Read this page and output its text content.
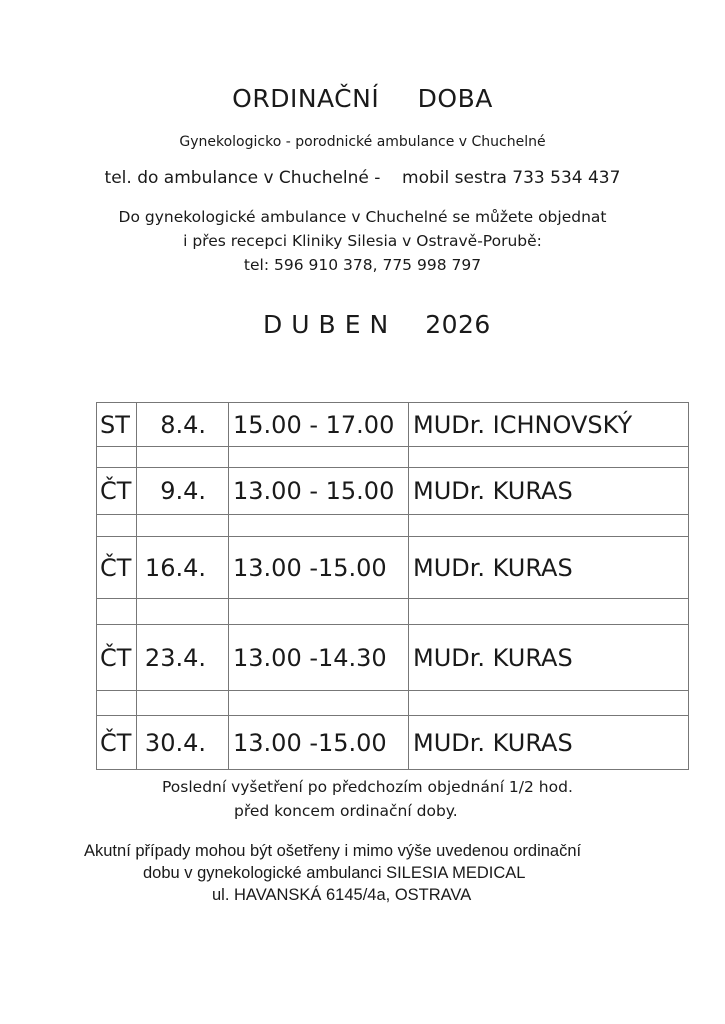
ORDINAČNÍ DOBA
Gynekologicko - porodnické ambulance v Chuchelné
tel. do ambulance v Chuchelné -    mobil sestra 733 534 437
Do gynekologické ambulance v Chuchelné se můžete objednat
i přes recepci Kliniky Silesia v Ostravě-Porubě:
tel: 596 910 378, 775 998 797
DUBEN 2026
ST	8.4.	15.00 - 17.00	MUDr. ICHNOVSKÝ

ČT	9.4.	13.00 - 15.00	MUDr. KURAS

ČT	16.4.	13.00 -15.00	MUDr. KURAS

ČT	23.4.	13.00 -14.30	MUDr. KURAS

ČT	30.4.	13.00 -15.00	MUDr. KURAS
Poslední vyšetření po předchozím objednání 1/2 hod.
před koncem ordinační doby.
Akutní případy mohou být ošetřeny i mimo výše uvedenou ordinační
dobu v gynekologické ambulanci SILESIA MEDICAL
ul. HAVANSKÁ 6145/4a, OSTRAVA
